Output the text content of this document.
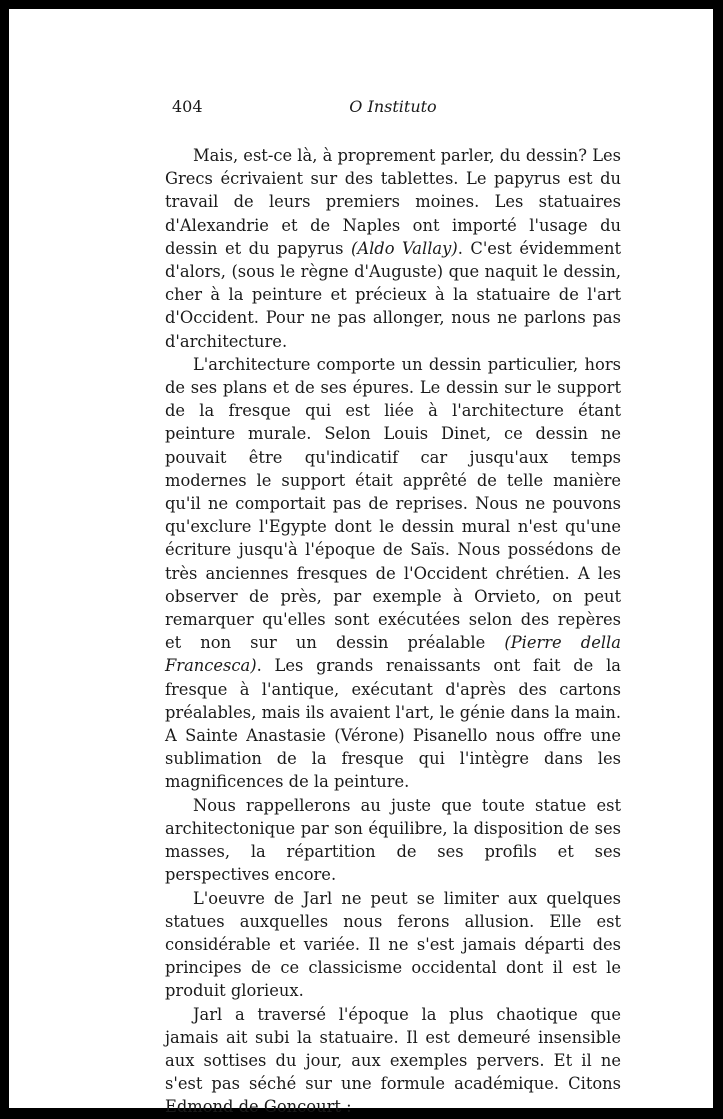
404	O Instituto

Mais, est-ce là, à proprement parler, du dessin? Les Grecs écrivaient sur des tablettes. Le papyrus est du travail de leurs premiers moines. Les statuaires d'Alexandrie et de Naples ont importé l'usage du dessin et du papyrus (Aldo Vallay). C'est évidemment d'alors, (sous le règne d'Auguste) que naquit le dessin, cher à la peinture et précieux à la statuaire de l'art d'Occident. Pour ne pas allonger, nous ne parlons pas d'architecture.

L'architecture comporte un dessin particulier, hors de ses plans et de ses épures. Le dessin sur le support de la fresque qui est liée à l'architecture étant peinture murale. Selon Louis Dinet, ce dessin ne pouvait être qu'indicatif car jusqu'aux temps modernes le support était apprêté de telle manière qu'il ne comportait pas de reprises. Nous ne pouvons qu'exclure l'Egypte dont le dessin mural n'est qu'une écriture jusqu'à l'époque de Saïs. Nous possédons de très anciennes fresques de l'Occident chrétien. A les observer de près, par exemple à Orvieto, on peut remarquer qu'elles sont exécutées selon des repères et non sur un dessin préalable (Pierre della Francesca). Les grands renaissants ont fait de la fresque à l'antique, exécutant d'après des cartons préalables, mais ils avaient l'art, le génie dans la main. A Sainte Anastasie (Vérone) Pisanello nous offre une sublimation de la fresque qui l'intègre dans les magnificences de la peinture.

Nous rappellerons au juste que toute statue est architectonique par son équilibre, la disposition de ses masses, la répartition de ses profils et ses perspectives encore.

L'oeuvre de Jarl ne peut se limiter aux quelques statues auxquelles nous ferons allusion. Elle est considérable et variée. Il ne s'est jamais départi des principes de ce classicisme occidental dont il est le produit glorieux.

Jarl a traversé l'époque la plus chaotique que jamais ait subi la statuaire. Il est demeuré insensible aux sottises du jour, aux exemples pervers. Et il ne s'est pas séché sur une formule académique. Citons Edmond de Goncourt :
